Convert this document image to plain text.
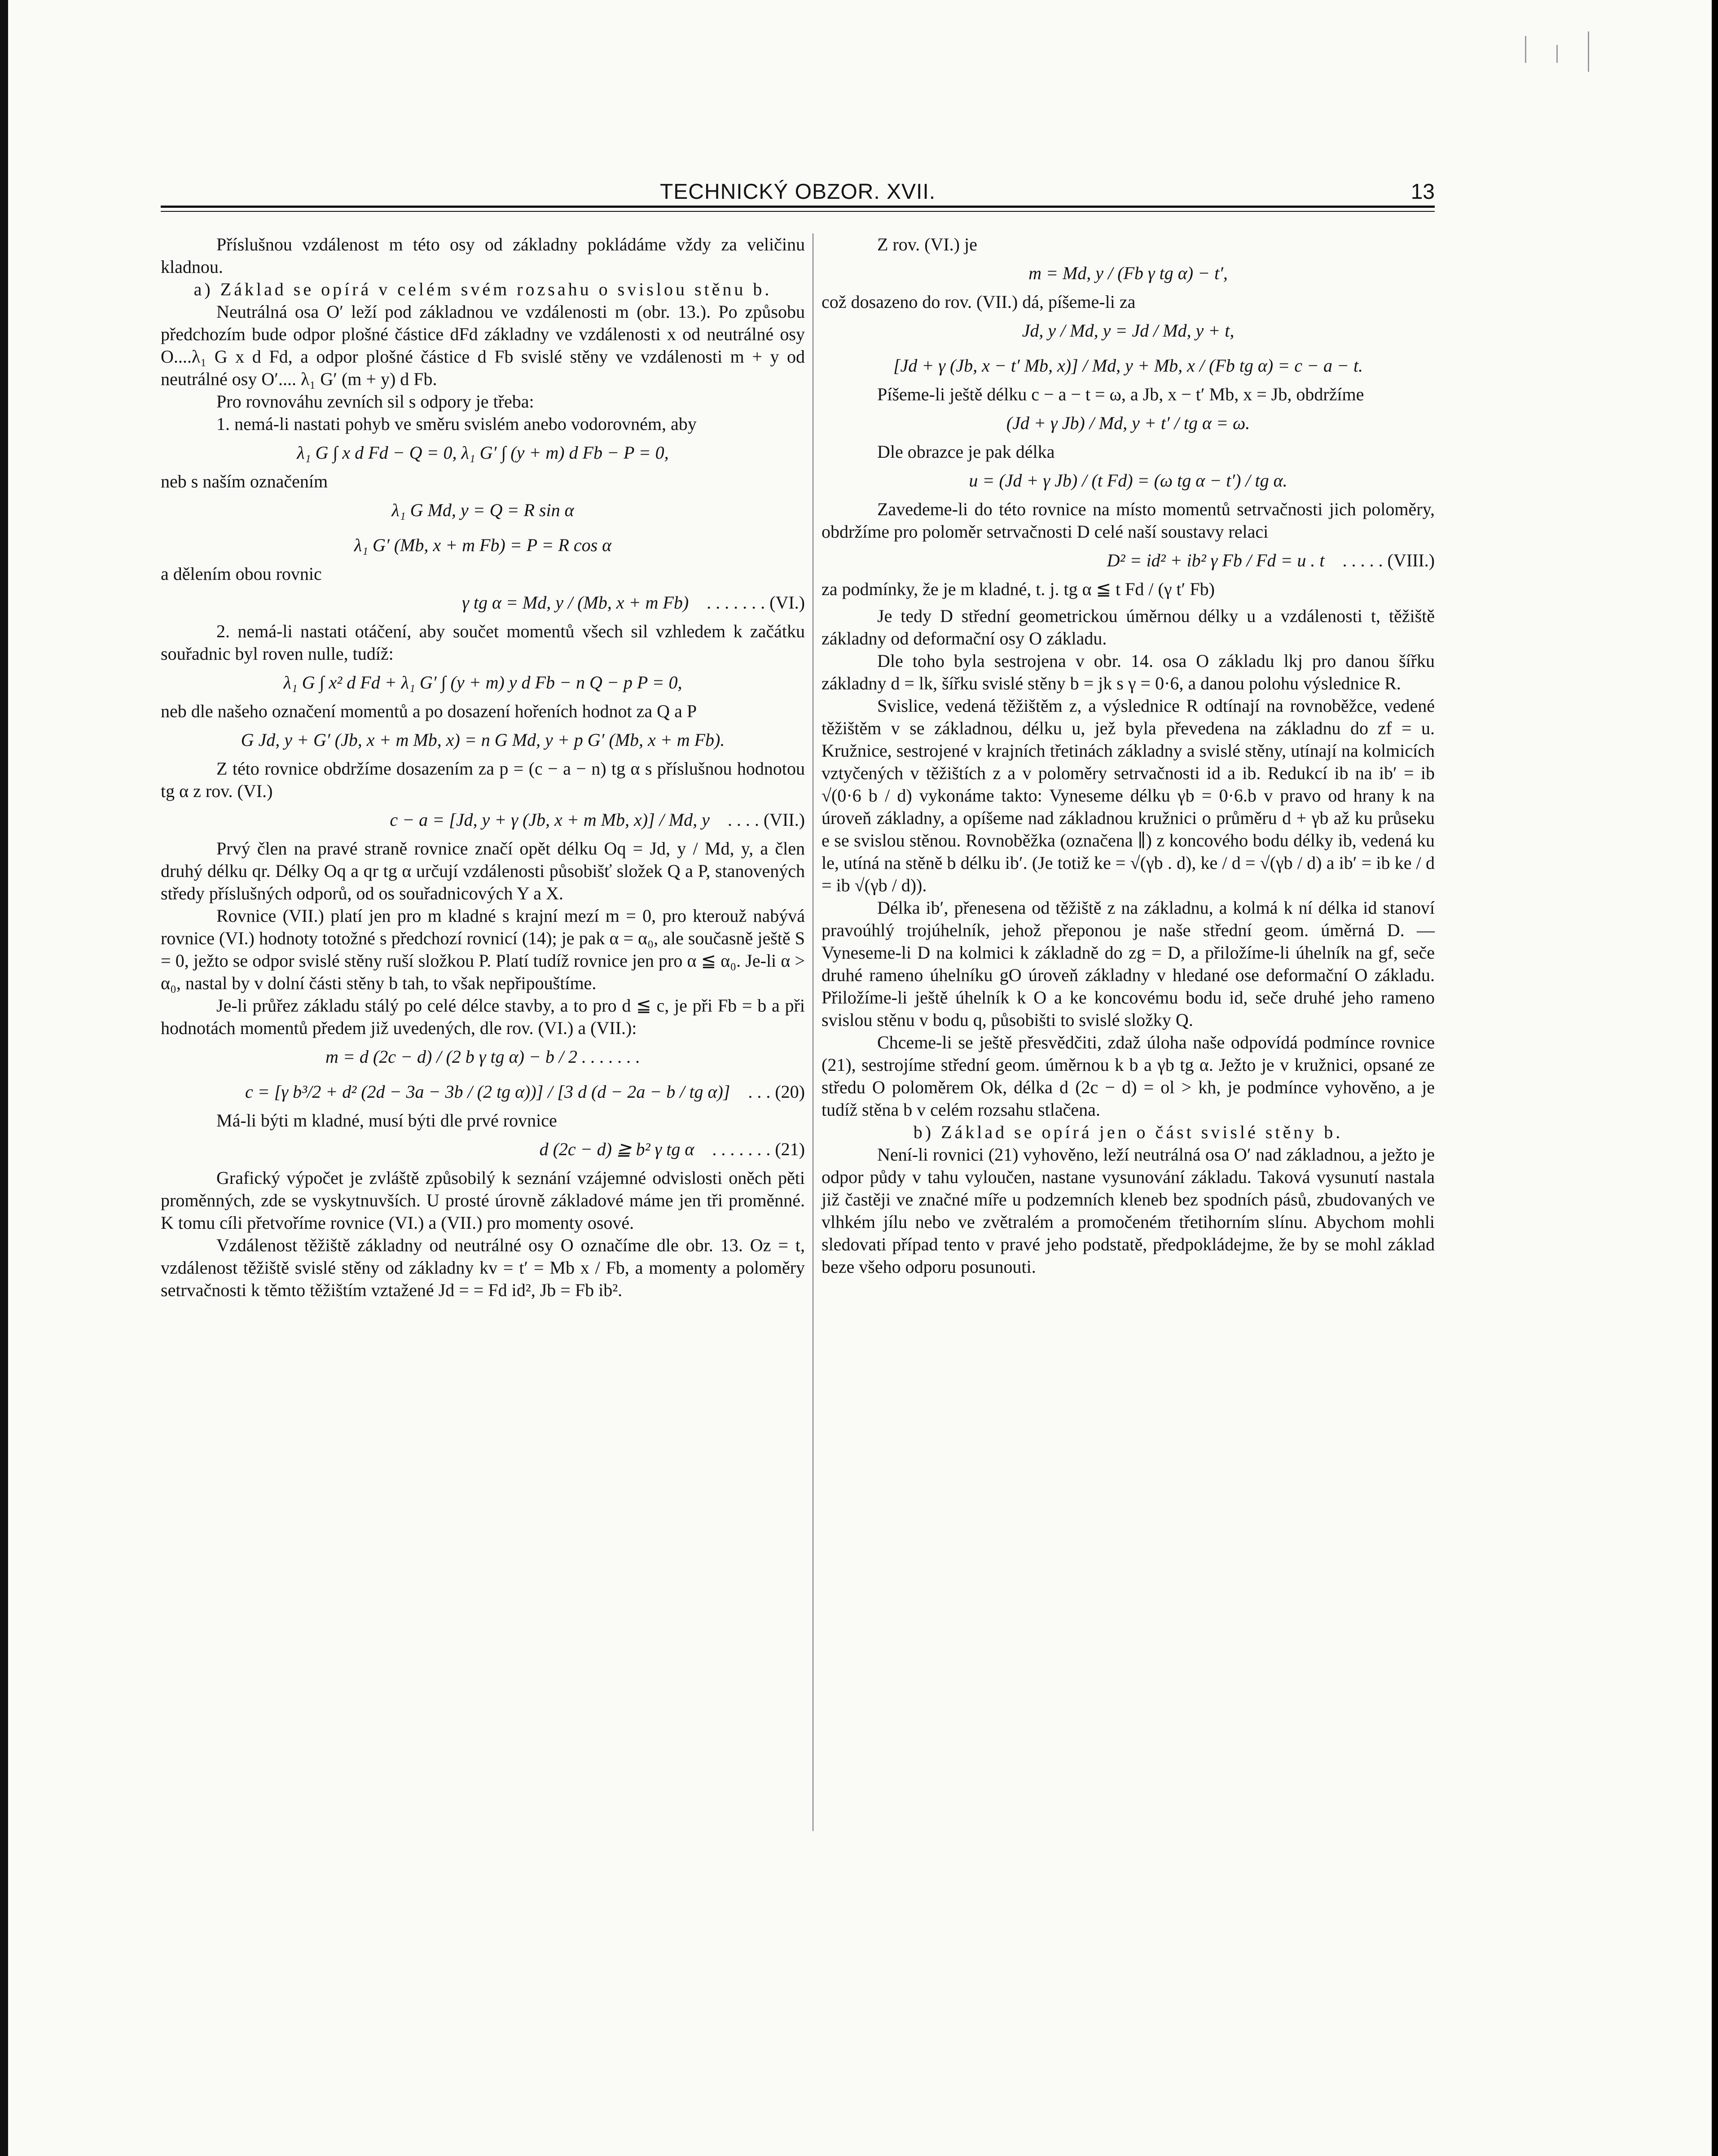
TECHNICKÝ OBZOR. XVII.	13

Příslušnou vzdálenost m této osy od základny pokládáme vždy za veličinu kladnou.

a) Základ se opírá v celém svém rozsahu o svislou stěnu b.

Neutrálná osa O′ leží pod základnou ve vzdálenosti m (obr. 13.). Po způsobu předchozím bude odpor plošné částice dFd základny ve vzdálenosti x od neutrálné osy O....λ₁ G x d Fd, a odpor plošné částice d Fb svislé stěny ve vzdálenosti m + y od neutrálné osy O′.... λ₁ G′ (m + y) d Fb.

Pro rovnováhu zevních sil s odpory je třeba:

1. nemá-li nastati pohyb ve směru svislém anebo vodorovném, aby

λ₁ G ∫ x d Fd − Q = 0, λ₁ G′ ∫ (y + m) d Fb − P = 0,

neb s naším označením

λ₁ G Md, y = Q = R sin α
λ₁ G′ (Mb, x + m Fb) = P = R cos α

a dělením obou rovnic

γ tg α = Md, y / (Mb, x + m Fb) . . . . . . . (VI.)

2. nemá-li nastati otáčení, aby součet momentů všech sil vzhledem k začátku souřadnic byl roven nulle, tudíž:

λ₁ G ∫ x² d Fd + λ₁ G′ ∫ (y + m) y d Fb − n Q − p P = 0,

neb dle našeho označení momentů a po dosazení hořeních hodnot za Q a P

G Jd, y + G′ (Jb, x + m Mb, x) = n G Md, y + p G′ (Mb, x + m Fb).

Z této rovnice obdržíme dosazením za p = (c − a − n) tg α s příslušnou hodnotou tg α z rov. (VI.)

c − a = [Jd, y + γ (Jb, x + m Mb, x)] / Md, y . . . . (VII.)

Prvý člen na pravé straně rovnice značí opět délku Oq = Jd, y / Md, y, a člen druhý délku qr. Délky Oq a qr tg α určují vzdálenosti působišť složek Q a P, stanovených středy příslušných odporů, od os souřadnicových Y a X.

Rovnice (VII.) platí jen pro m kladné s krajní mezí m = 0, pro kterouž nabývá rovnice (VI.) hodnoty totožné s předchozí rovnicí (14); je pak α = α₀, ale současně ještě S = 0, ježto se odpor svislé stěny ruší složkou P. Platí tudíž rovnice jen pro α ≦ α₀. Je-li α > α₀, nastal by v dolní části stěny b tah, to však nepřipouštíme.

Je-li průřez základu stálý po celé délce stavby, a to pro d ≦ c, je při Fb = b a při hodnotách momentů předem již uvedených, dle rov. (VI.) a (VII.):

m = d (2c − d) / (2 b γ tg α) − b / 2 . . . . . . .
c = [γ b³/2 + d² (2d − 3a − 3b / (2 tg α))] / [3 d (d − 2a − b / tg α)] . . . (20)

Má-li býti m kladné, musí býti dle prvé rovnice

d (2c − d) ≧ b² γ tg α . . . . . . . (21)

Grafický výpočet je zvláště způsobilý k seznání vzájemné odvislosti oněch pěti proměnných, zde se vyskytnuvších. U prosté úrovně základové máme jen tři proměnné. K tomu cíli přetvoříme rovnice (VI.) a (VII.) pro momenty osové.

Vzdálenost těžiště základny od neutrálné osy O označíme dle obr. 13. Oz = t, vzdálenost těžiště svislé stěny od základny kv = t′ = Mb x / Fb, a momenty a poloměry setrvačnosti k těmto těžištím vztažené Jd = = Fd id², Jb = Fb ib².

Z rov. (VI.) je

m = Md, y / (Fb γ tg α) − t′,

což dosazeno do rov. (VII.) dá, píšeme-li za

Jd, y / Md, y = Jd / Md, y + t,
[Jd + γ (Jb, x − t′ Mb, x)] / Md, y + Mb, x / (Fb tg α) = c − a − t.

Píšeme-li ještě délku c − a − t = ω, a Jb, x − t′ Mb, x = Jb, obdržíme

(Jd + γ Jb) / Md, y + t′ / tg α = ω.

Dle obrazce je pak délka

u = (Jd + γ Jb) / (t Fd) = (ω tg α − t′) / tg α.

Zavedeme-li do této rovnice na místo momentů setrvačnosti jich poloměry, obdržíme pro poloměr setrvačnosti D celé naší soustavy relaci

D² = id² + ib² γ Fb / Fd = u . t . . . . . (VIII.)

za podmínky, že je m kladné, t. j. tg α ≦ t Fd / (γ t′ Fb)

Je tedy D střední geometrickou úměrnou délky u a vzdálenosti t, těžiště základny od deformační osy O základu.

Dle toho byla sestrojena v obr. 14. osa O základu lkj pro danou šířku základny d = lk, šířku svislé stěny b = jk s γ = 0·6, a danou polohu výslednice R.

Svislice, vedená těžištěm z, a výslednice R odtínají na rovnoběžce, vedené těžištěm v se základnou, délku u, jež byla převedena na základnu do zf = u. Kružnice, sestrojené v krajních třetinách základny a svislé stěny, utínají na kolmicích vztyčených v těžištích z a v poloměry setrvačnosti id a ib. Redukcí ib na ib′ = ib √(0·6 b / d) vykonáme takto: Vyneseme délku γb = 0·6.b v pravo od hrany k na úroveň základny, a opíšeme nad základnou kružnici o průměru d + γb až ku průseku e se svislou stěnou. Rovnoběžka (označena ∥) z koncového bodu délky ib, vedená ku le, utíná na stěně b délku ib′. (Je totiž ke = √(γb . d), ke / d = √(γb / d) a ib′ = ib ke / d = ib √(γb / d)).

Délka ib′, přenesena od těžiště z na základnu, a kolmá k ní délka id stanoví pravoúhlý trojúhelník, jehož přeponou je naše střední geom. úměrná D. — Vyneseme-li D na kolmici k základně do zg = D, a přiložíme-li úhelník na gf, seče druhé rameno úhelníku gO úroveň základny v hledané ose deformační O základu. Přiložíme-li ještě úhelník k O a ke koncovému bodu id, seče druhé jeho rameno svislou stěnu v bodu q, působišti to svislé složky Q.

Chceme-li se ještě přesvědčiti, zdaž úloha naše odpovídá podmínce rovnice (21), sestrojíme střední geom. úměrnou k b a γb tg α. Ježto je v kružnici, opsané ze středu O poloměrem Ok, délka d (2c − d) = ol > kh, je podmínce vyhověno, a je tudíž stěna b v celém rozsahu stlačena.

b) Základ se opírá jen o část svislé stěny b.

Není-li rovnici (21) vyhověno, leží neutrálná osa O′ nad základnou, a ježto je odpor půdy v tahu vyloučen, nastane vysunování základu. Taková vysunutí nastala již častěji ve značné míře u podzemních klenеb bez spodních pásů, zbudovaných ve vlhkém jílu nebo ve zvětralém a promočeném třetihorním slínu. Abychom mohli sledovati případ tento v pravé jeho podstatě, předpokládejme, že by se mohl základ beze všeho odporu posunouti.
